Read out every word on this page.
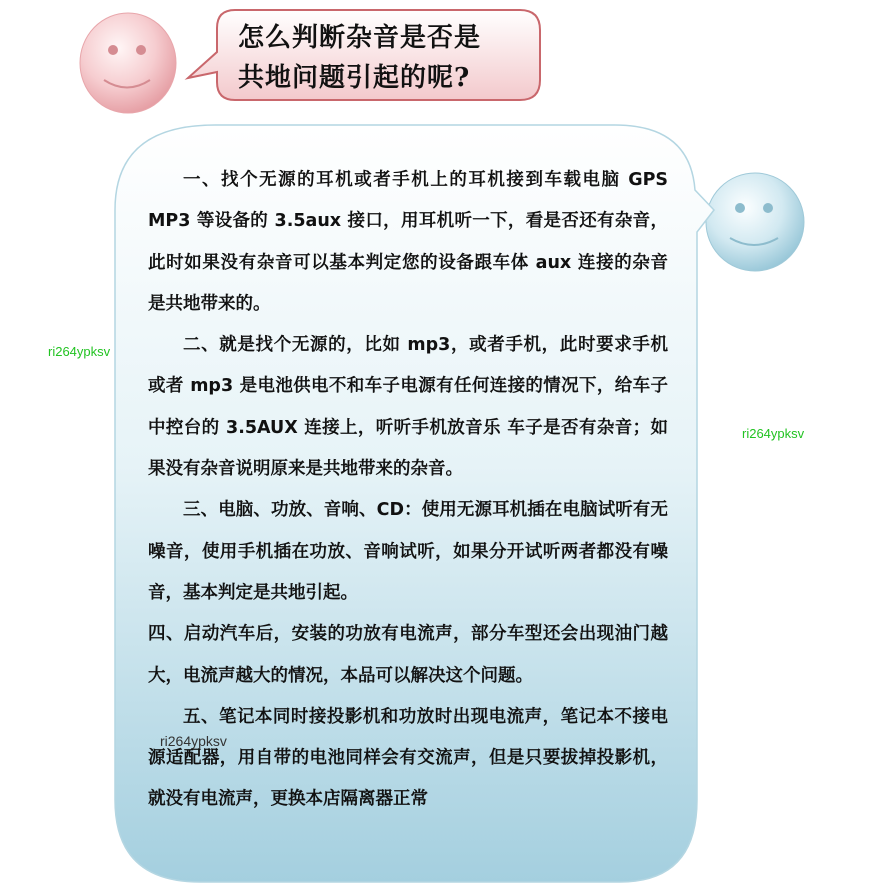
怎么判断杂音是否是
共地问题引起的呢?

一、找个无源的耳机或者手机上的耳机接到车载电脑 GPS MP3 等设备的 3.5aux 接口，用耳机听一下，看是否还有杂音，此时如果没有杂音可以基本判定您的设备跟车体 aux 连接的杂音是共地带来的。

二、就是找个无源的，比如 mp3，或者手机，此时要求手机或者 mp3 是电池供电不和车子电源有任何连接的情况下，给车子中控台的 3.5AUX 连接上，听听手机放音乐 车子是否有杂音；如果没有杂音说明原来是共地带来的杂音。

三、电脑、功放、音响、CD：使用无源耳机插在电脑试听有无噪音，使用手机插在功放、音响试听，如果分开试听两者都没有噪音，基本判定是共地引起。

四、启动汽车后，安装的功放有电流声，部分车型还会出现油门越大，电流声越大的情况，本品可以解决这个问题。

五、笔记本同时接投影机和功放时出现电流声，笔记本不接电源适配器，用自带的电池同样会有交流声，但是只要拔掉投影机，就没有电流声，更换本店隔离器正常

ri264ypksv
ri264ypksv
ri264ypksv
